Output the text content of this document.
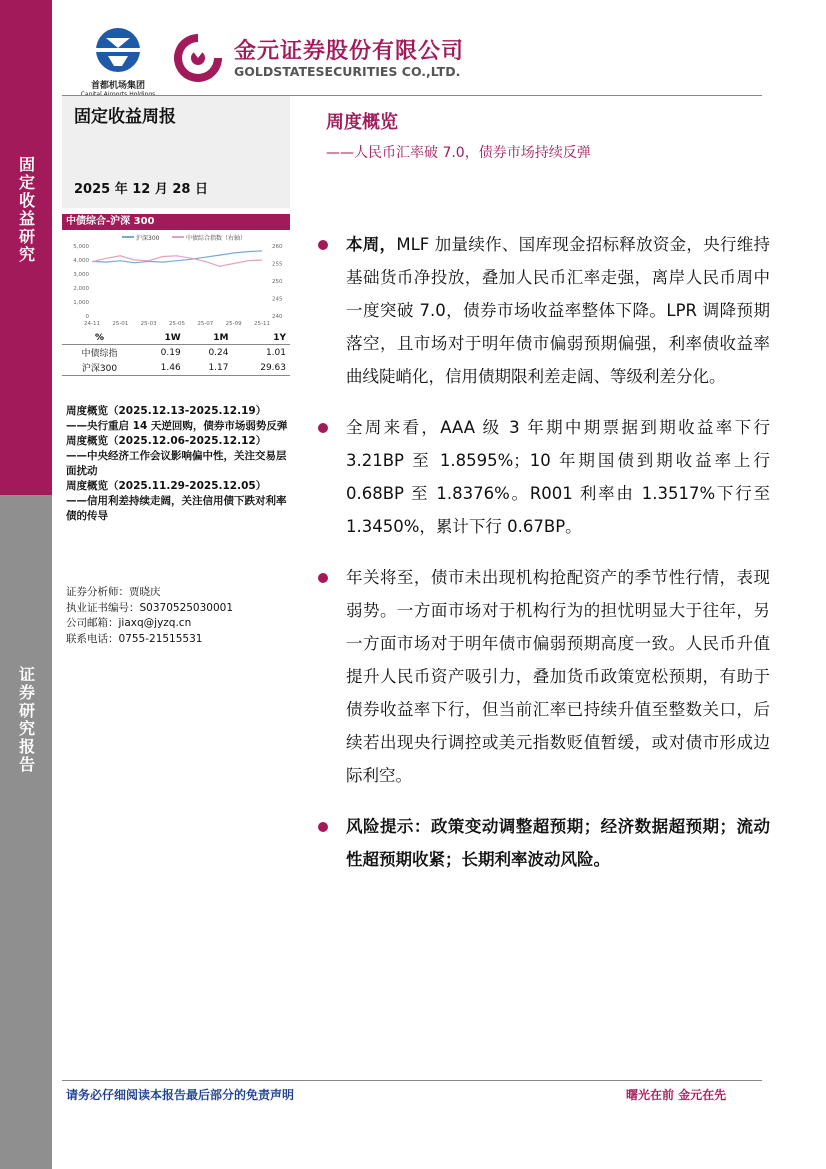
固定收益研究
证券研究报告
首都机场集团
金元证券股份有限公司
GOLDSTATESECURITIES CO.,LTD.
固定收益周报
2025 年 12 月 28 日
周度概览
——人民币汇率破 7.0，债券市场持续反弹
中债综合-沪深 300
沪深300	中债综合指数（右轴）
5,000
4,000
3,000
2,000
1,000
0
260
255
250
245
240
24-11 25-01 25-03 25-05 25-07 25-09 25-11
%	1W	1M	1Y
中债综指	0.19	0.24	1.01
沪深300	1.46	1.17	29.63
周度概览（2025.12.13-2025.12.19）
——央行重启 14 天逆回购，债券市场弱势反弹
周度概览（2025.12.06-2025.12.12）
——中央经济工作会议影响偏中性，关注交易层面扰动
周度概览（2025.11.29-2025.12.05）
——信用利差持续走阔，关注信用债下跌对利率债的传导
证券分析师：贾晓庆
执业证书编号：S0370525030001
公司邮箱：jiaxq@jyzq.cn
联系电话：0755-21515531
本周，MLF 加量续作、国库现金招标释放资金，央行维持基础货币净投放，叠加人民币汇率走强，离岸人民币周中一度突破 7.0，债券市场收益率整体下降。LPR 调降预期落空，且市场对于明年债市偏弱预期偏强，利率债收益率曲线陡峭化，信用债期限利差走阔、等级利差分化。
全周来看，AAA 级 3 年期中期票据到期收益率下行 3.21BP 至 1.8595%；10 年期国债到期收益率上行 0.68BP 至 1.8376%。R001 利率由 1.3517%下行至 1.3450%，累计下行 0.67BP。
年关将至，债市未出现机构抢配资产的季节性行情，表现弱势。一方面市场对于机构行为的担忧明显大于往年，另一方面市场对于明年债市偏弱预期高度一致。人民币升值提升人民币资产吸引力，叠加货币政策宽松预期，有助于债券收益率下行，但当前汇率已持续升值至整数关口，后续若出现央行调控或美元指数贬值暂缓，或对债市形成边际利空。
风险提示：政策变动调整超预期；经济数据超预期；流动性超预期收紧；长期利率波动风险。
请务必仔细阅读本报告最后部分的免责声明	曙光在前 金元在先
